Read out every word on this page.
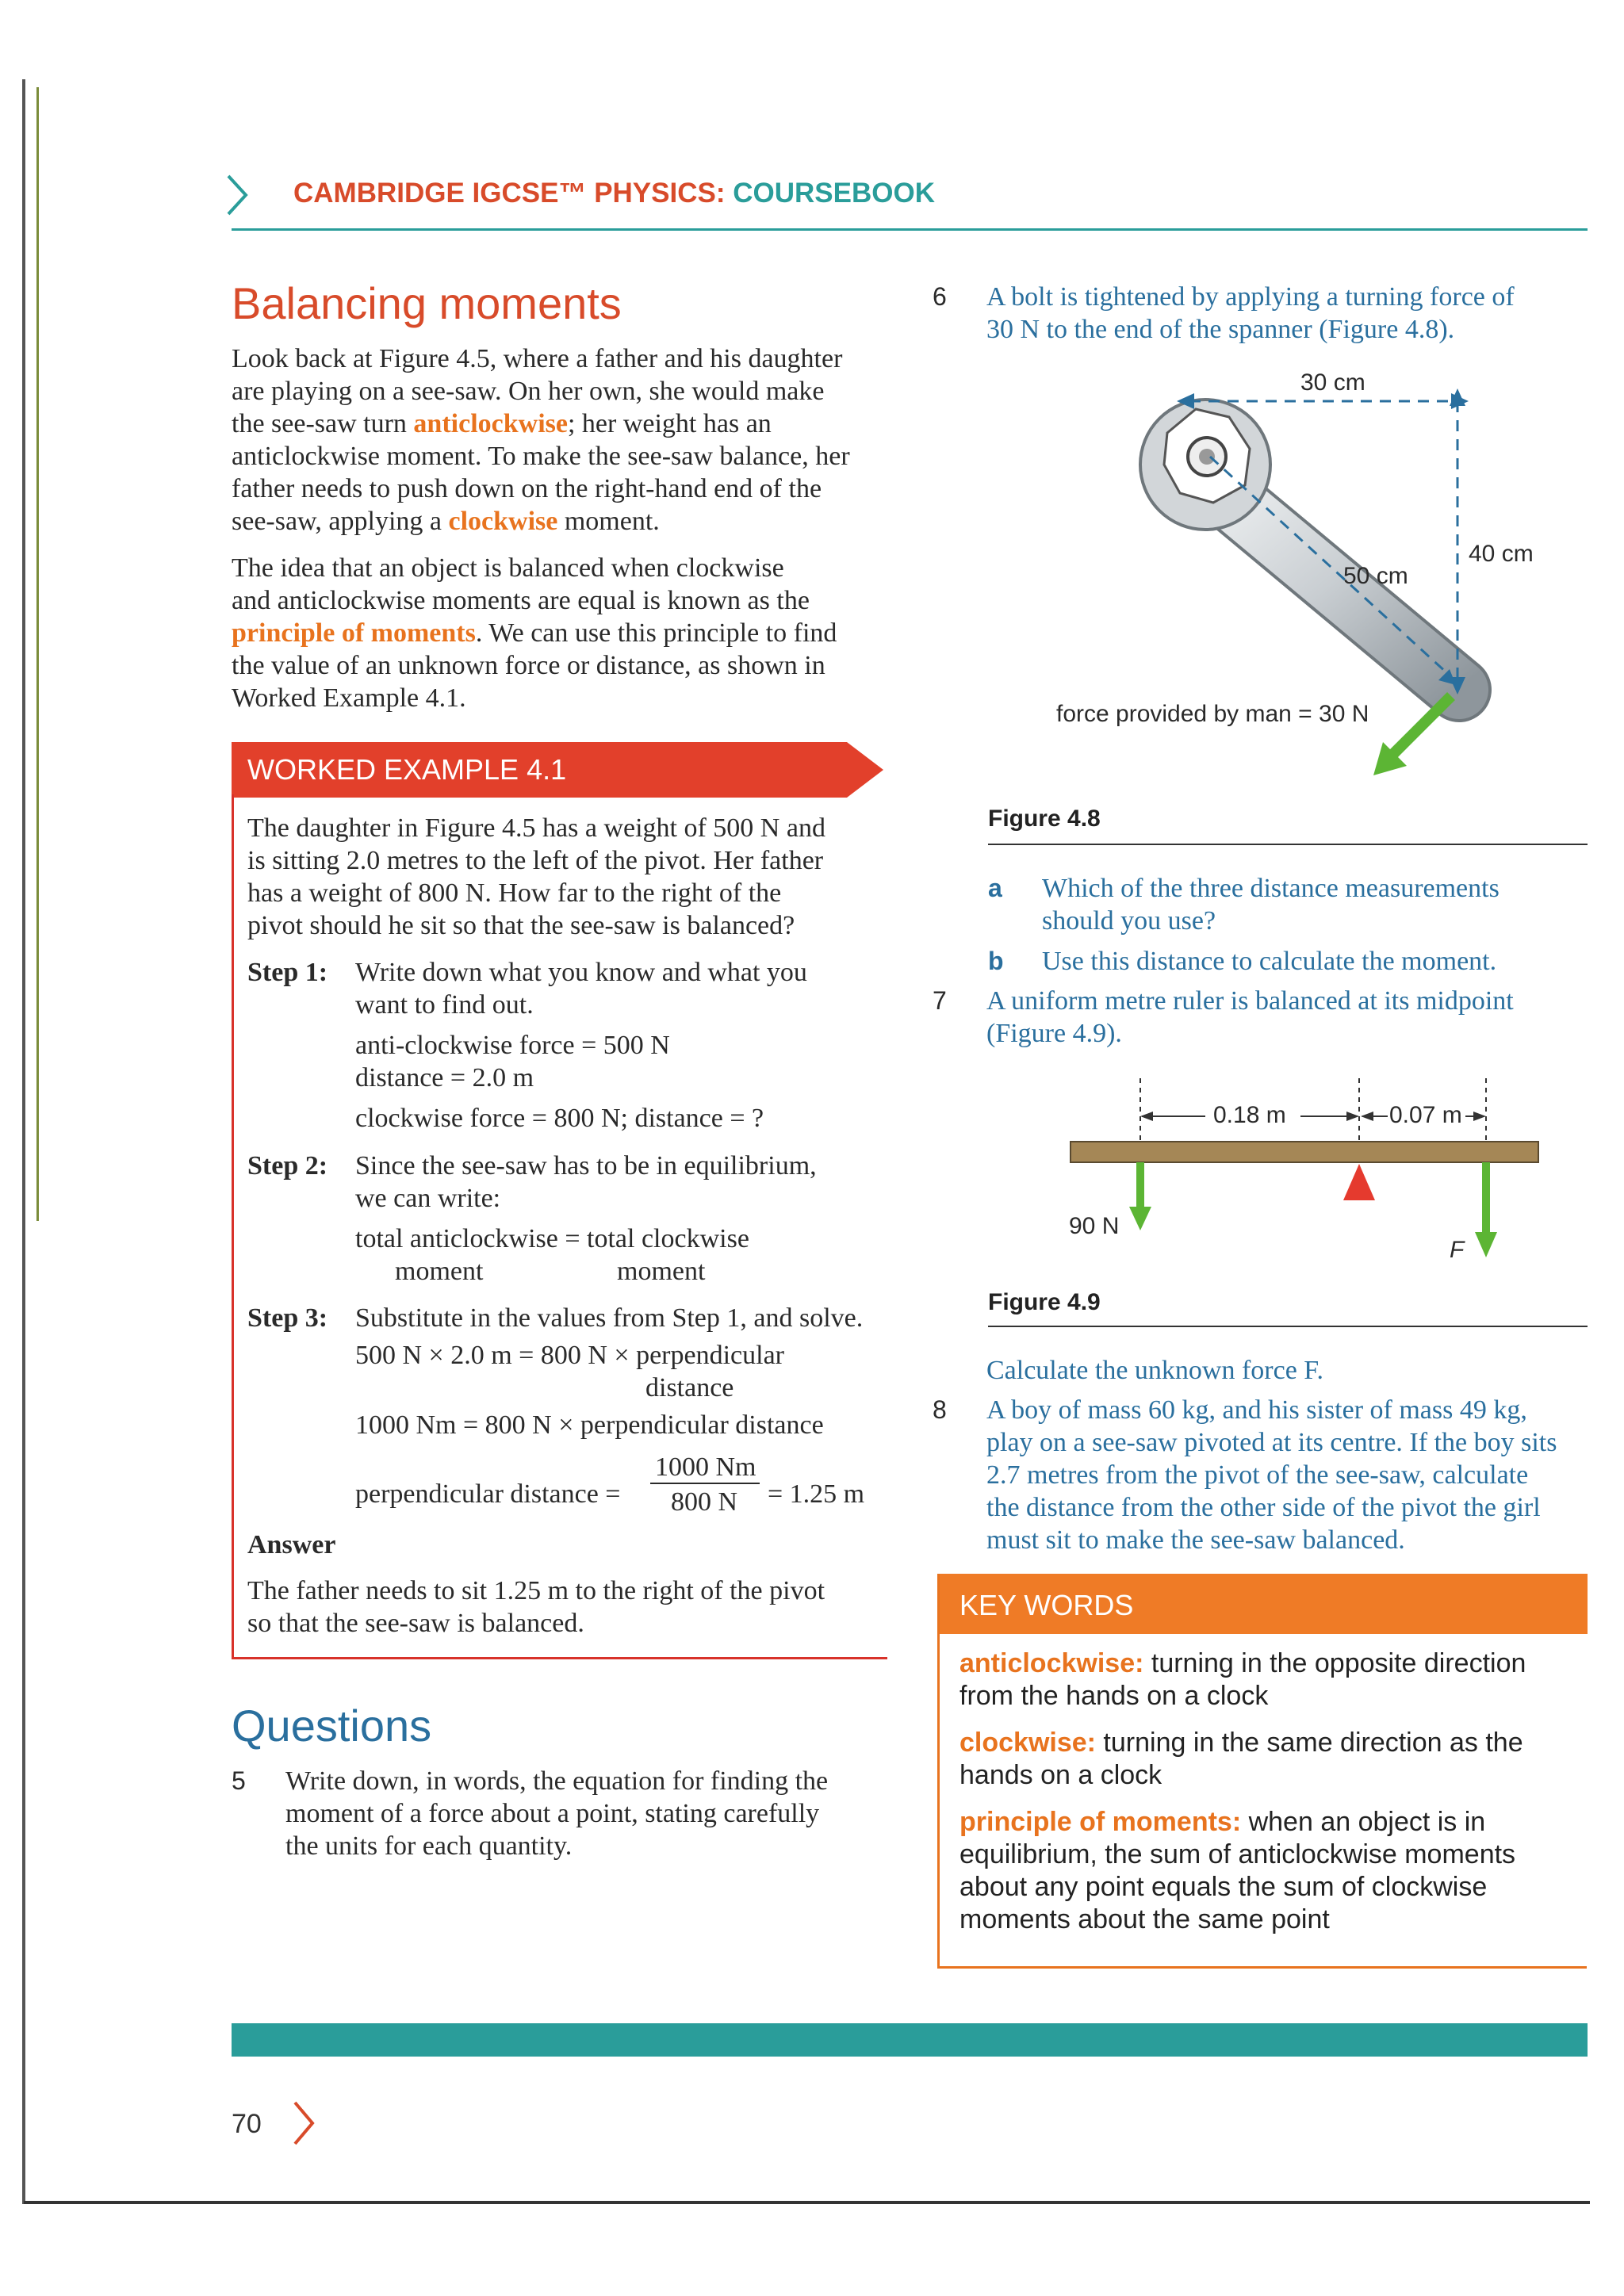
CAMBRIDGE IGCSE™ PHYSICS: COURSEBOOK
Balancing moments
Look back at Figure 4.5, where a father and his daughter
are playing on a see-saw. On her own, she would make
the see-saw turn anticlockwise; her weight has an
anticlockwise moment. To make the see-saw balance, her
father needs to push down on the right-hand end of the
see-saw, applying a clockwise moment.
The idea that an object is balanced when clockwise
and anticlockwise moments are equal is known as the
principle of moments. We can use this principle to find
the value of an unknown force or distance, as shown in
Worked Example 4.1.
WORKED EXAMPLE 4.1
The daughter in Figure 4.5 has a weight of 500 N and
is sitting 2.0 metres to the left of the pivot. Her father
has a weight of 800 N. How far to the right of the
pivot should he sit so that the see-saw is balanced?
Step 1: Write down what you know and what you
want to find out.
anti-clockwise force = 500 N
distance = 2.0 m
clockwise force = 800 N; distance = ?
Step 2: Since the see-saw has to be in equilibrium,
we can write:
total anticlockwise = total clockwise
moment	moment
Step 3: Substitute in the values from Step 1, and solve.
500 N × 2.0 m = 800 N × perpendicular
distance
1000 Nm = 800 N × perpendicular distance
perpendicular distance =
1000 Nm
800 N = 1.25 m
Answer
The father needs to sit 1.25 m to the right of the pivot
so that the see-saw is balanced.
Questions
5 Write down, in words, the equation for finding the
moment of a force about a point, stating carefully
the units for each quantity.
6 A bolt is tightened by applying a turning force of
30 N to the end of the spanner (Figure 4.8).
30 cm
40 cm
50 cm
force provided by man = 30 N
Figure 4.8
a Which of the three distance measurements
should you use?
b Use this distance to calculate the moment.
7 A uniform metre ruler is balanced at its midpoint
(Figure 4.9).
0.18 m	0.07 m
90 N
F
Figure 4.9
Calculate the unknown force F.
8 A boy of mass 60 kg, and his sister of mass 49 kg,
play on a see-saw pivoted at its centre. If the boy sits
2.7 metres from the pivot of the see-saw, calculate
the distance from the other side of the pivot the girl
must sit to make the see-saw balanced.
KEY WORDS
anticlockwise: turning in the opposite direction
from the hands on a clock
clockwise: turning in the same direction as the
hands on a clock
principle of moments: when an object is in
equilibrium, the sum of anticlockwise moments
about any point equals the sum of clockwise
moments about the same point
70
